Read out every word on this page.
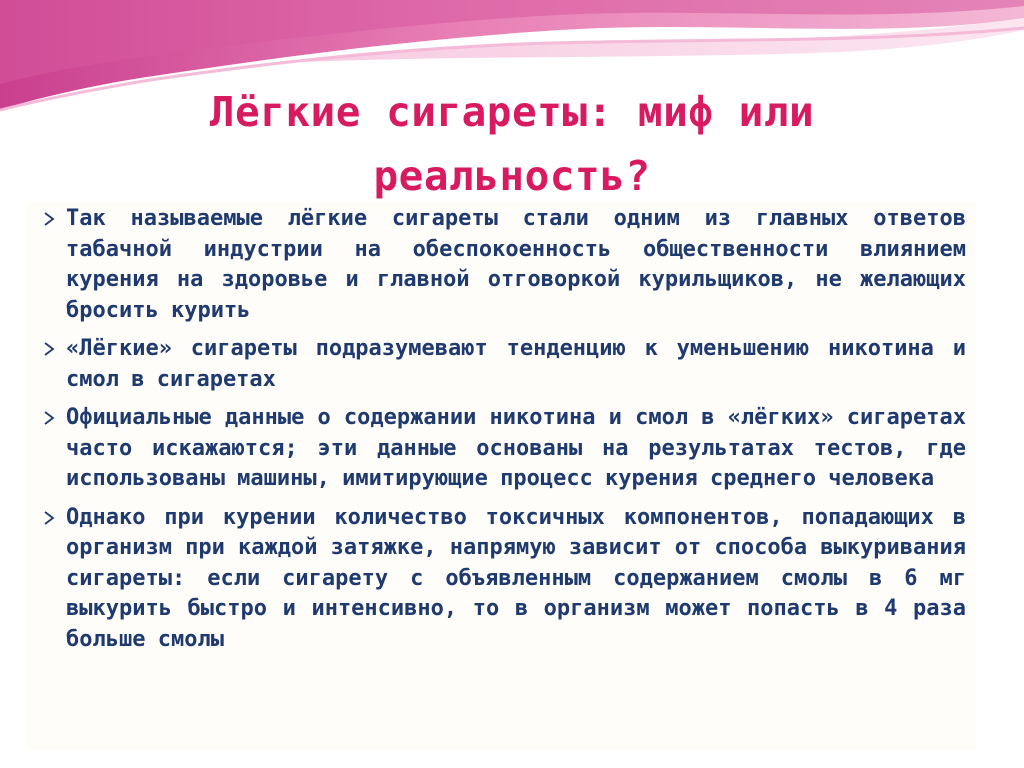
Лёгкие сигареты: миф или
реальность?
Так называемые лёгкие сигареты стали одним из главных ответов табачной индустрии на обеспокоенность общественности влиянием курения на здоровье и главной отговоркой курильщиков, не желающих бросить курить
«Лёгкие» сигареты подразумевают тенденцию к уменьшению никотина и смол в сигаретах
Официальные данные о содержании никотина и смол в «лёгких» сигаретах часто искажаются; эти данные основаны на результатах тестов, где использованы машины, имитирующие процесс курения среднего человека
Однако при курении количество токсичных компонентов, попадающих в организм при каждой затяжке, напрямую зависит от способа выкуривания сигареты: если сигарету с объявленным содержанием смолы в 6 мг выкурить быстро и интенсивно, то в организм может попасть в 4 раза больше смолы
